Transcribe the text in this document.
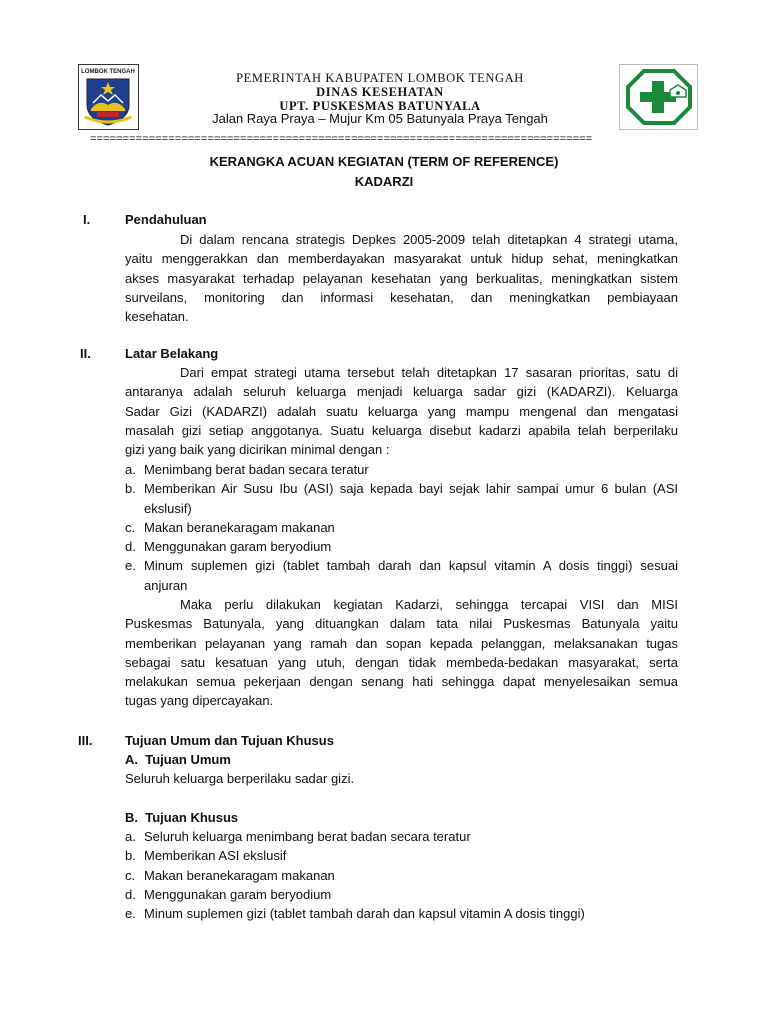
LOMBOK TENGAH	PEMERINTAH KABUPATEN LOMBOK TENGAH
DINAS KESEHATAN
UPT. PUSKESMAS BATUNYALA
Jalan Raya Praya – Mujur Km 05 Batunyala Praya Tengah
=============================================================================
KERANGKA ACUAN KEGIATAN (TERM OF REFERENCE)
KADARZI
I.	Pendahuluan
Di dalam rencana strategis Depkes 2005-2009 telah ditetapkan 4 strategi utama,
yaitu menggerakkan dan memberdayakan masyarakat untuk hidup sehat, meningkatkan
akses masyarakat terhadap pelayanan kesehatan yang berkualitas, meningkatkan sistem
surveilans, monitoring dan informasi kesehatan, dan meningkatkan pembiayaan
kesehatan.
II.	Latar Belakang
Dari empat strategi utama tersebut telah ditetapkan 17 sasaran prioritas, satu di
antaranya adalah seluruh keluarga menjadi keluarga sadar gizi (KADARZI). Keluarga
Sadar Gizi (KADARZI) adalah suatu keluarga yang mampu mengenal dan mengatasi
masalah gizi setiap anggotanya. Suatu keluarga disebut kadarzi apabila telah berperilaku
gizi yang baik yang dicirikan minimal dengan :
a. Menimbang berat badan secara teratur
b. Memberikan Air Susu Ibu (ASI) saja kepada bayi sejak lahir sampai umur 6 bulan (ASI
ekslusif)
c. Makan beranekaragam makanan
d. Menggunakan garam beryodium
e. Minum suplemen gizi (tablet tambah darah dan kapsul vitamin A dosis tinggi) sesuai
anjuran
Maka perlu dilakukan kegiatan Kadarzi, sehingga tercapai VISI dan MISI
Puskesmas Batunyala, yang dituangkan dalam tata nilai Puskesmas Batunyala yaitu
memberikan pelayanan yang ramah dan sopan kepada pelanggan, melaksanakan tugas
sebagai satu kesatuan yang utuh, dengan tidak membeda-bedakan masyarakat, serta
melakukan semua pekerjaan dengan senang hati sehingga dapat menyelesaikan semua
tugas yang dipercayakan.
III.	Tujuan Umum dan Tujuan Khusus
A.  Tujuan Umum
Seluruh keluarga berperilaku sadar gizi.
B.  Tujuan Khusus
a. Seluruh keluarga menimbang berat badan secara teratur
b. Memberikan ASI ekslusif
c. Makan beranekaragam makanan
d. Menggunakan garam beryodium
e. Minum suplemen gizi (tablet tambah darah dan kapsul vitamin A dosis tinggi)
